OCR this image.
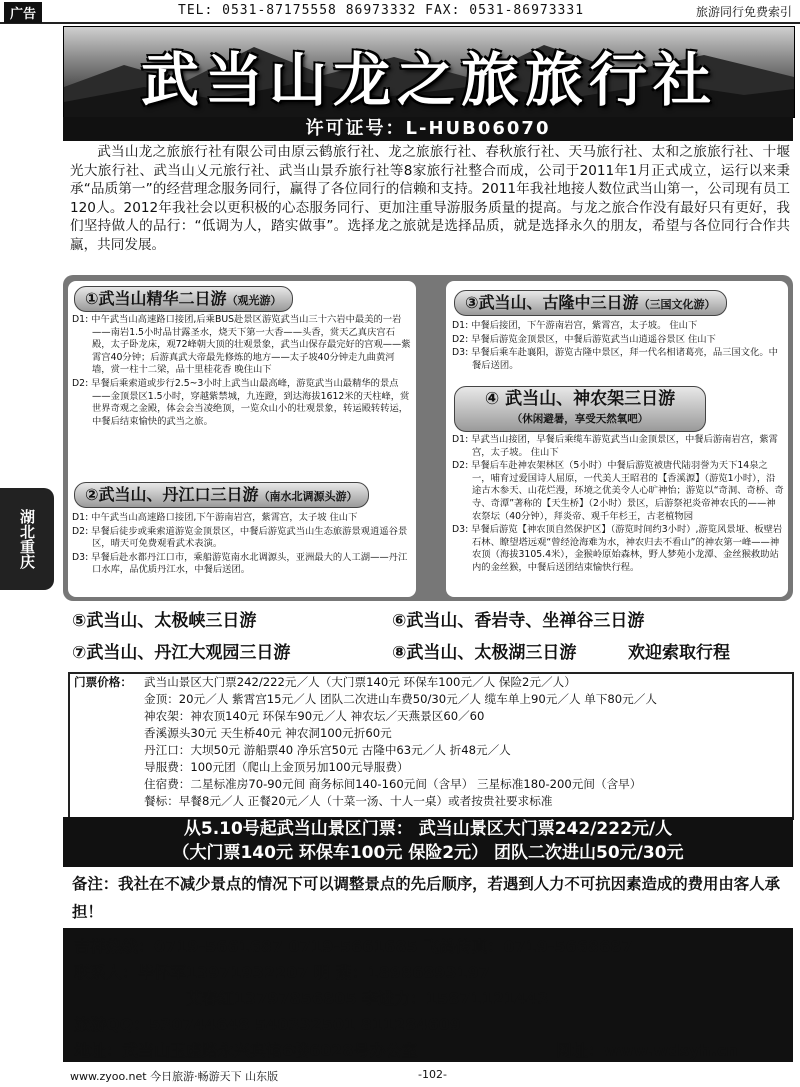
广告	TEL: 0531-87175558 86973332 FAX: 0531-86973331	旅游同行免费索引
武当山龙之旅旅行社
许可证号：L-HUB06070
湖北重庆

武当山龙之旅旅行社有限公司由原云鹤旅行社、龙之旅旅行社、春秋旅行社、天马旅行社、太和之旅旅行社、十堰光大旅行社、武当山乂元旅行社、武当山景乔旅行社等8家旅行社整合而成，公司于2011年1月正式成立，运行以来秉承“品质第一”的经营理念服务同行，赢得了各位同行的信赖和支持。2011年我社地接人数位武当山第一，公司现有员工120人。2012年我社会以更积极的心态服务同行、更加注重导游服务质量的提高。与龙之旅合作没有最好只有更好，我们坚持做人的品行：“低调为人，踏实做事”。选择龙之旅就是选择品质，就是选择永久的朋友，希望与各位同行合作共赢，共同发展。

①武当山精华二日游（观光游）

D1: 中午武当山高速路口接团,后乘BUS赴景区游览武当山三十六岩中最美的一岩——南岩1.5小时品甘露圣水，烧天下第一大香——头香，赏天乙真庆宫石殿，太子卧龙床，观72峰朝大顶的壮观景象，武当山保存最完好的宫观——紫霄宫40分钟；后游真武大帝最先修炼的地方——太子坡40分钟走九曲黄河墙，赏一柱十二梁，品十里桂花香 晚住山下

D2: 早餐后乘索道或步行2.5~3小时上武当山最高峰，游览武当山最精华的景点——金顶景区1.5小时，穿越紫禁城，九连蹬，到达海拔1612米的天柱峰，赏世界奇观之金殿，体会会当凌绝顶，一览众山小的壮观景象，转运殿转转运，中餐后结束愉快的武当之旅。

②武当山、丹江口三日游（南水北调源头游）

D1: 中午武当山高速路口接团,下午游南岩宫，紫霄宫，太子坡 住山下

D2: 早餐后徒步或乘索道游览金顶景区，中餐后游览武当山生态旅游景观逍遥谷景区，晴天可免费观看武术表演。

D3: 早餐后赴水都丹江口市，乘船游览南水北调源头，亚洲最大的人工湖——丹江口水库，品优质丹江水，中餐后送团。

③武当山、古隆中三日游（三国文化游）

D1: 中餐后接团，下午游南岩宫，紫霄宫，太子坡。 住山下

D2: 早餐后游览金顶景区，中餐后游览武当山逍遥谷景区 住山下

D3: 早餐后乘车赴襄阳，游览古隆中景区，拜一代名相诸葛亮，品三国文化。中餐后送团。

④ 武当山、神农架三日游
（休闲避暑，享受天然氧吧）

D1: 早武当山接团，早餐后乘缆车游览武当山金顶景区，中餐后游南岩宫，紫霄宫，太子坡。 住山下

D2: 早餐后车赴神农架林区（5小时）中餐后游览被唐代陆羽誉为天下14泉之一，哺育过爱国诗人屈原，一代美人王昭君的【香溪源】（游览1小时），沿途古木参天、山花烂漫，环境之优美令人心旷神怡；游览以“奇洞、奇桥、奇寺、奇潭”著称的【天生桥】（2小时）景区，后游祭祀炎帝神农氏的——神农祭坛（40分钟），拜炎帝、观千年杉王，古老植物园

D3: 早餐后游览【神农顶自然保护区】（游览时间约3小时）,游览风景垭、板壁岩石林、瞭望塔远观“曾经沧海难为水，神农归去不看山”的神农第一峰——神农顶（海拔3105.4米），金猴岭原始森林，野人梦苑小龙潭、金丝猴救助站内的金丝猴，中餐后送团结束愉快行程。

⑤武当山、太极峡三日游	⑥武当山、香岩寺、坐禅谷三日游
⑦武当山、丹江大观园三日游	⑧武当山、太极湖三日游	欢迎索取行程
门票价格： 武当山景区大门票242/222元／人（大门票140元 环保车100元／人 保险2元／人）
金顶：20元／人 紫霄宫15元／人 团队二次进山车费50/30元／人 缆车单上90元／人 单下80元／人
神农架：神农顶140元 环保车90元／人 神农坛／天燕景区60／60
香溪源头30元 天生桥40元 神农洞100元折60元
丹江口：大坝50元 游船票40 净乐宫50元 古隆中63元／人 折48元／人
导服费：100元团（爬山上金顶另加100元导服费）
住宿费：二星标准房70-90元间 商务标间140-160元间（含早） 三星标准180-200元间（含早）
餐标：早餐8元／人 正餐20元／人（十菜一汤、十人一桌）或者按贵社要求标准
从5.10号起武当山景区门票： 武当山景区大门票242/222元/人
（大门票140元 环保车100元 保险2元） 团队二次进山50元/30元
备注：我社在不减少景点的情况下可以调整景点的先后顺序，若遇到人力不可抗因素造成的费用由客人承担！
吉祥热线：0719-5661687 0719-5661685 飞鸽传真：0719-5668687
联系人：毕怀军13971932207 明 燕：18986893197
艾春红13797856805 李进力：15871121443
旅游QQ：530744648 540332501 811284609
地址：武当山玉虚路永兴宾馆6楼6028号办公室	网址：www.wdsyh.cn
www.zyoo.net 今日旅游·畅游天下 山东版	-102-
